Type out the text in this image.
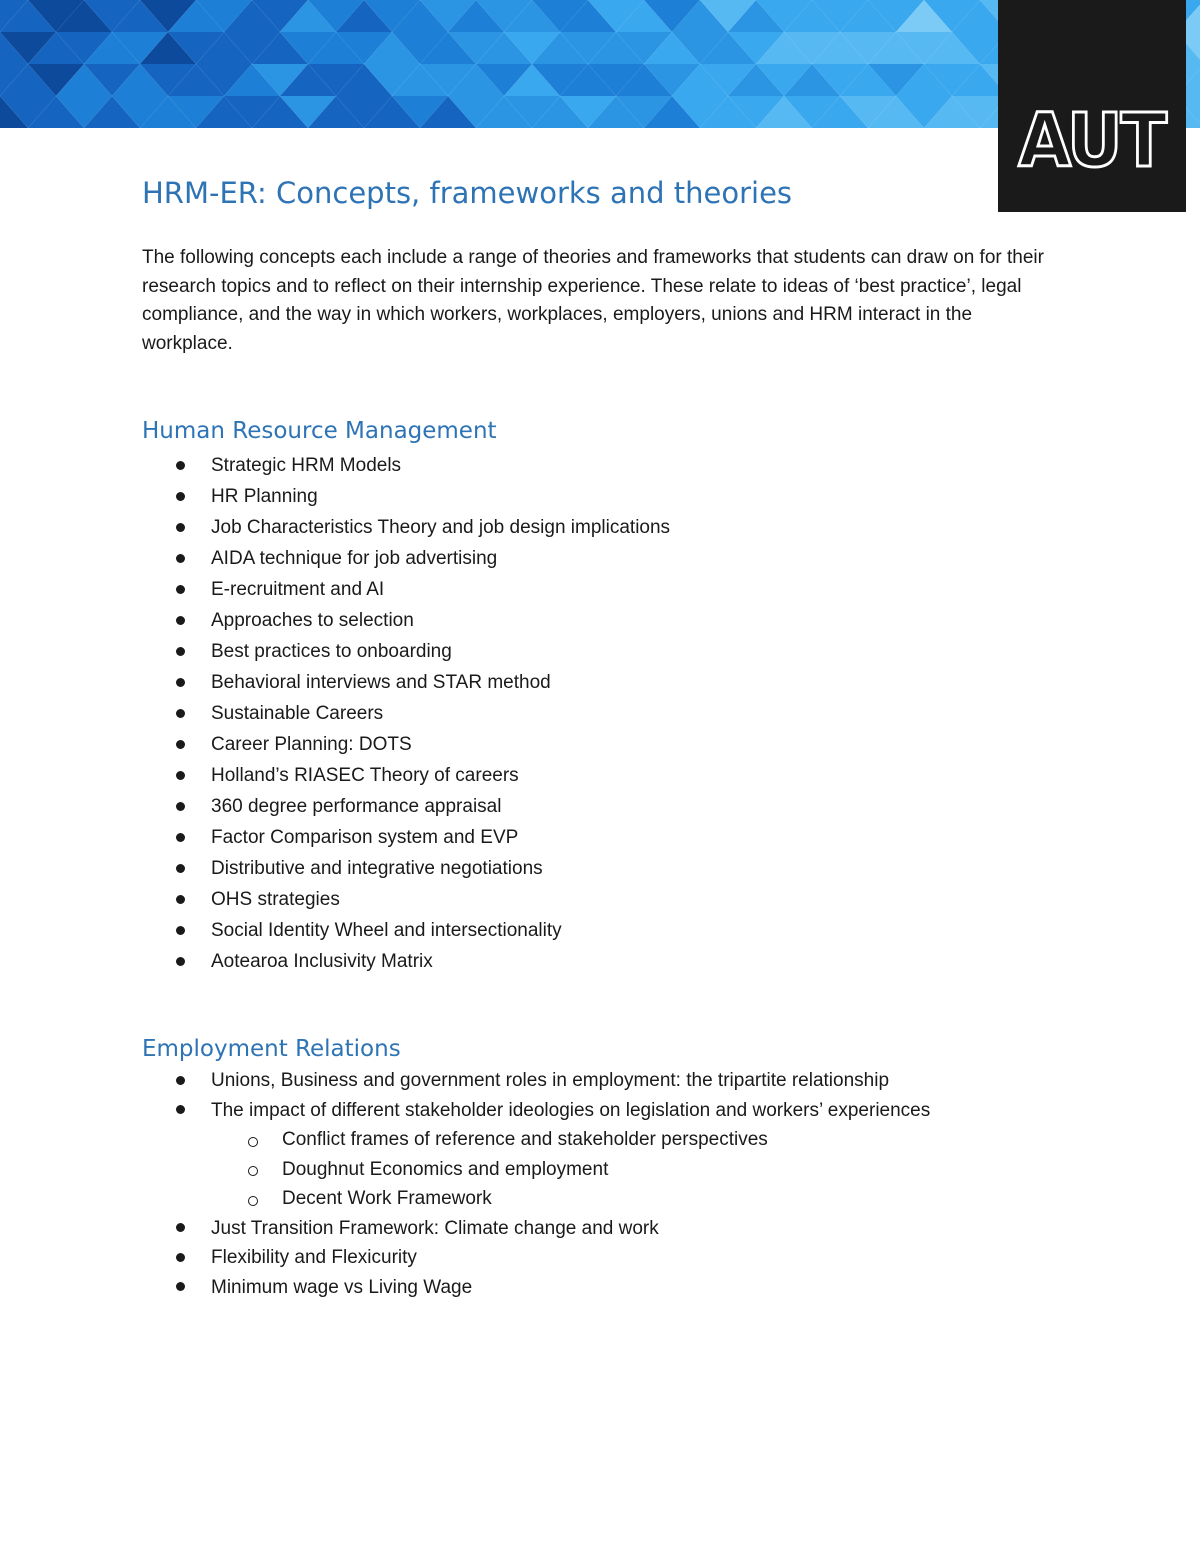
AUT
HRM-ER: Concepts, frameworks and theories

The following concepts each include a range of theories and frameworks that students can draw on for their research topics and to reflect on their internship experience. These relate to ideas of ‘best practice’, legal compliance, and the way in which workers, workplaces, employers, unions and HRM interact in the workplace.

Human Resource Management
Strategic HRM Models
HR Planning
Job Characteristics Theory and job design implications
AIDA technique for job advertising
E-recruitment and AI
Approaches to selection
Best practices to onboarding
Behavioral interviews and STAR method
Sustainable Careers
Career Planning: DOTS
Holland’s RIASEC Theory of careers
360 degree performance appraisal
Factor Comparison system and EVP
Distributive and integrative negotiations
OHS strategies
Social Identity Wheel and intersectionality
Aotearoa Inclusivity Matrix
Employment Relations
Unions, Business and government roles in employment: the tripartite relationship
The impact of different stakeholder ideologies on legislation and workers’ experiences
Conflict frames of reference and stakeholder perspectives
Doughnut Economics and employment
Decent Work Framework
Just Transition Framework: Climate change and work
Flexibility and Flexicurity
Minimum wage vs Living Wage
